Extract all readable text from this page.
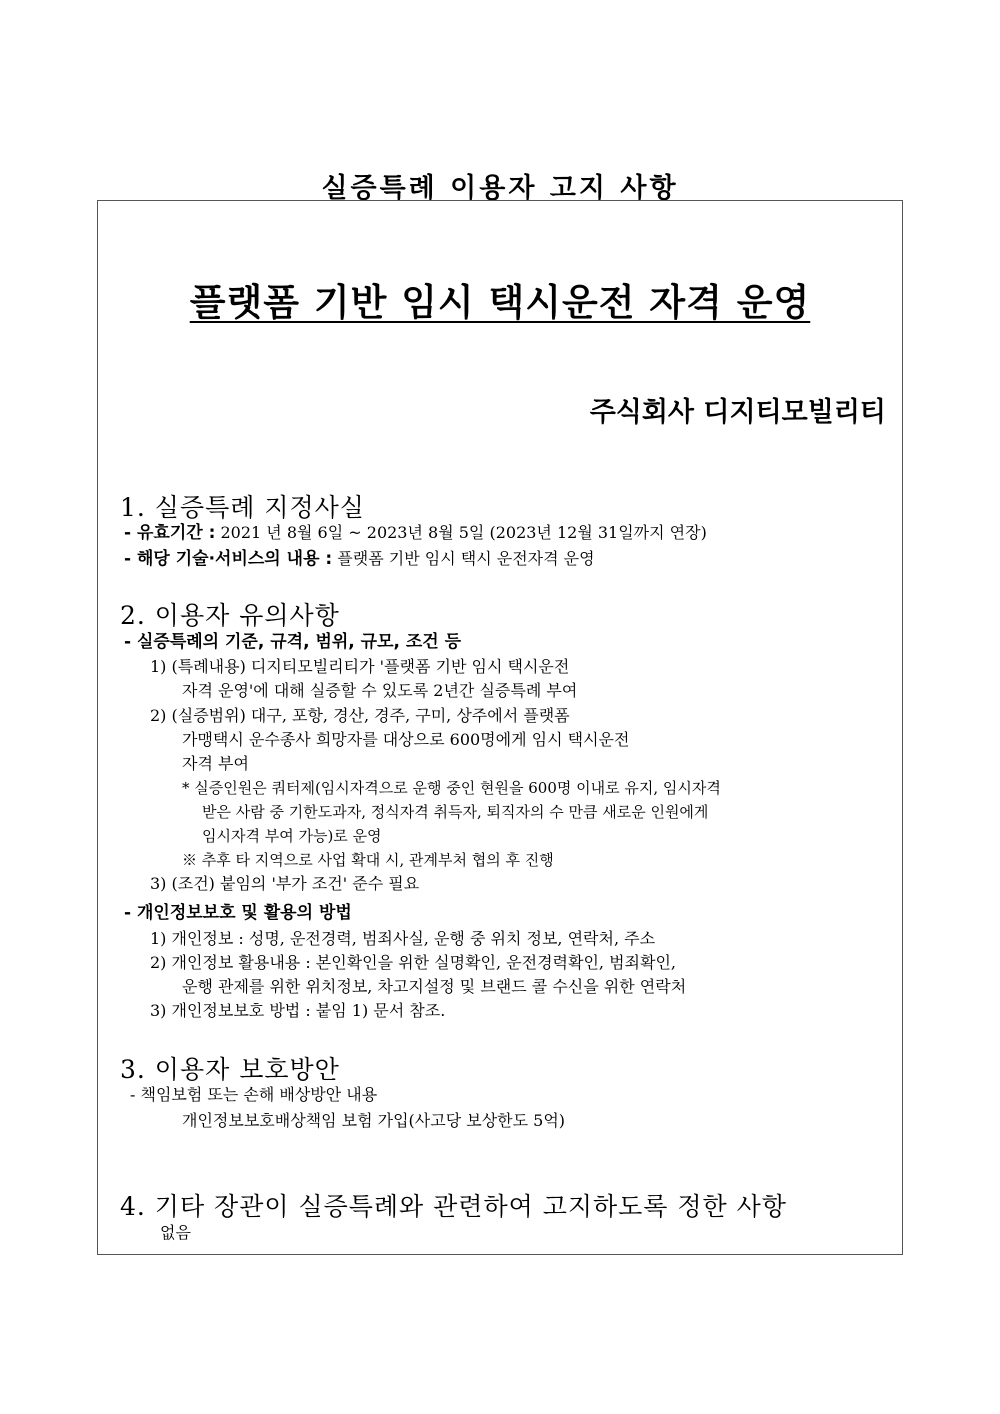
실증특례 이용자 고지 사항
플랫폼 기반 임시 택시운전 자격 운영
주식회사 디지티모빌리티
1. 실증특례 지정사실
- 유효기간 : 2021 년 8월 6일 ~ 2023년 8월 5일 (2023년 12월 31일까지 연장)
- 해당 기술·서비스의 내용 : 플랫폼 기반 임시 택시 운전자격 운영
2. 이용자 유의사항
- 실증특례의 기준, 규격, 범위, 규모, 조건 등
1) (특례내용) 디지티모빌리티가 '플랫폼 기반 임시 택시운전
자격 운영'에 대해 실증할 수 있도록 2년간 실증특례 부여
2) (실증범위) 대구, 포항, 경산, 경주, 구미, 상주에서 플랫폼
가맹택시 운수종사 희망자를 대상으로 600명에게 임시 택시운전
자격 부여
* 실증인원은 쿼터제(임시자격으로 운행 중인 현원을 600명 이내로 유지, 임시자격
받은 사람 중 기한도과자, 정식자격 취득자, 퇴직자의 수 만큼 새로운 인원에게
임시자격 부여 가능)로 운영
※ 추후 타 지역으로 사업 확대 시, 관계부처 협의 후 진행
3) (조건) 붙임의 '부가 조건' 준수 필요
- 개인정보보호 및 활용의 방법
1) 개인정보 : 성명, 운전경력, 범죄사실, 운행 중 위치 정보, 연락처, 주소
2) 개인정보 활용내용 : 본인확인을 위한 실명확인, 운전경력확인, 범죄확인,
운행 관제를 위한 위치정보, 차고지설정 및 브랜드 콜 수신을 위한 연락처
3) 개인정보보호 방법 : 붙임 1) 문서 참조.
3. 이용자 보호방안
- 책임보험 또는 손해 배상방안 내용
개인정보보호배상책임 보험 가입(사고당 보상한도 5억)
4. 기타 장관이 실증특례와 관련하여 고지하도록 정한 사항
없음
